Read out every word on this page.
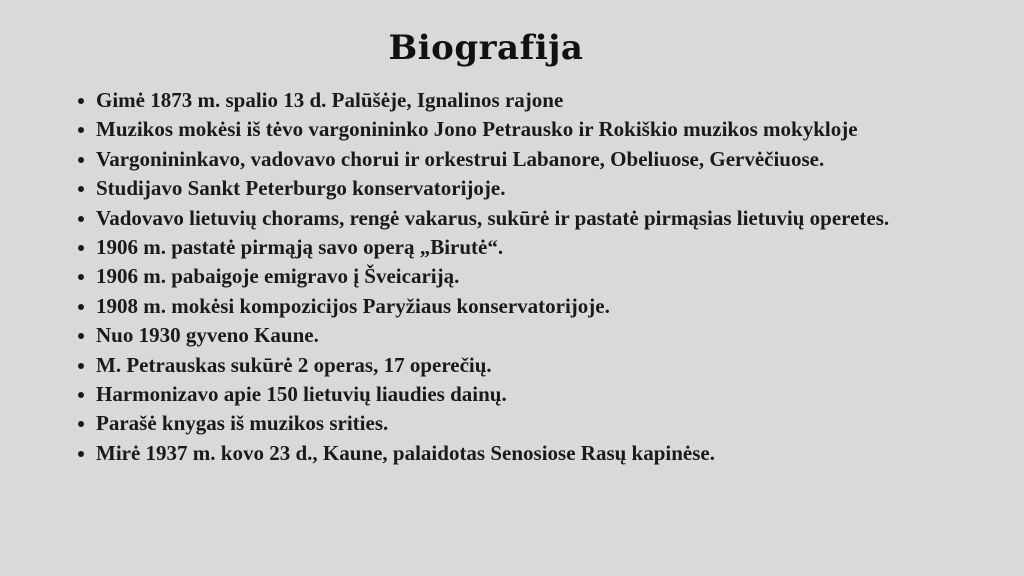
Biografija
Gimė 1873 m. spalio 13 d. Palūšėje, Ignalinos rajone
Muzikos mokėsi iš tėvo vargonininko Jono Petrausko ir Rokiškio muzikos mokykloje
Vargonininkavo, vadovavo chorui ir orkestrui Labanore, Obeliuose, Gervėčiuose.
Studijavo Sankt Peterburgo konservatorijoje.
Vadovavo lietuvių chorams, rengė vakarus, sukūrė ir pastatė pirmąsias lietuvių operetes.
1906 m. pastatė pirmąją savo operą „Birutė“.
1906 m. pabaigoje emigravo į Šveicariją.
1908 m. mokėsi kompozicijos Paryžiaus konservatorijoje.
Nuo 1930 gyveno Kaune.
M. Petrauskas sukūrė 2 operas, 17 operečių.
Harmonizavo apie 150 lietuvių liaudies dainų.
Parašė knygas iš muzikos srities.
Mirė 1937 m. kovo 23 d., Kaune, palaidotas Senosiose Rasų kapinėse.
